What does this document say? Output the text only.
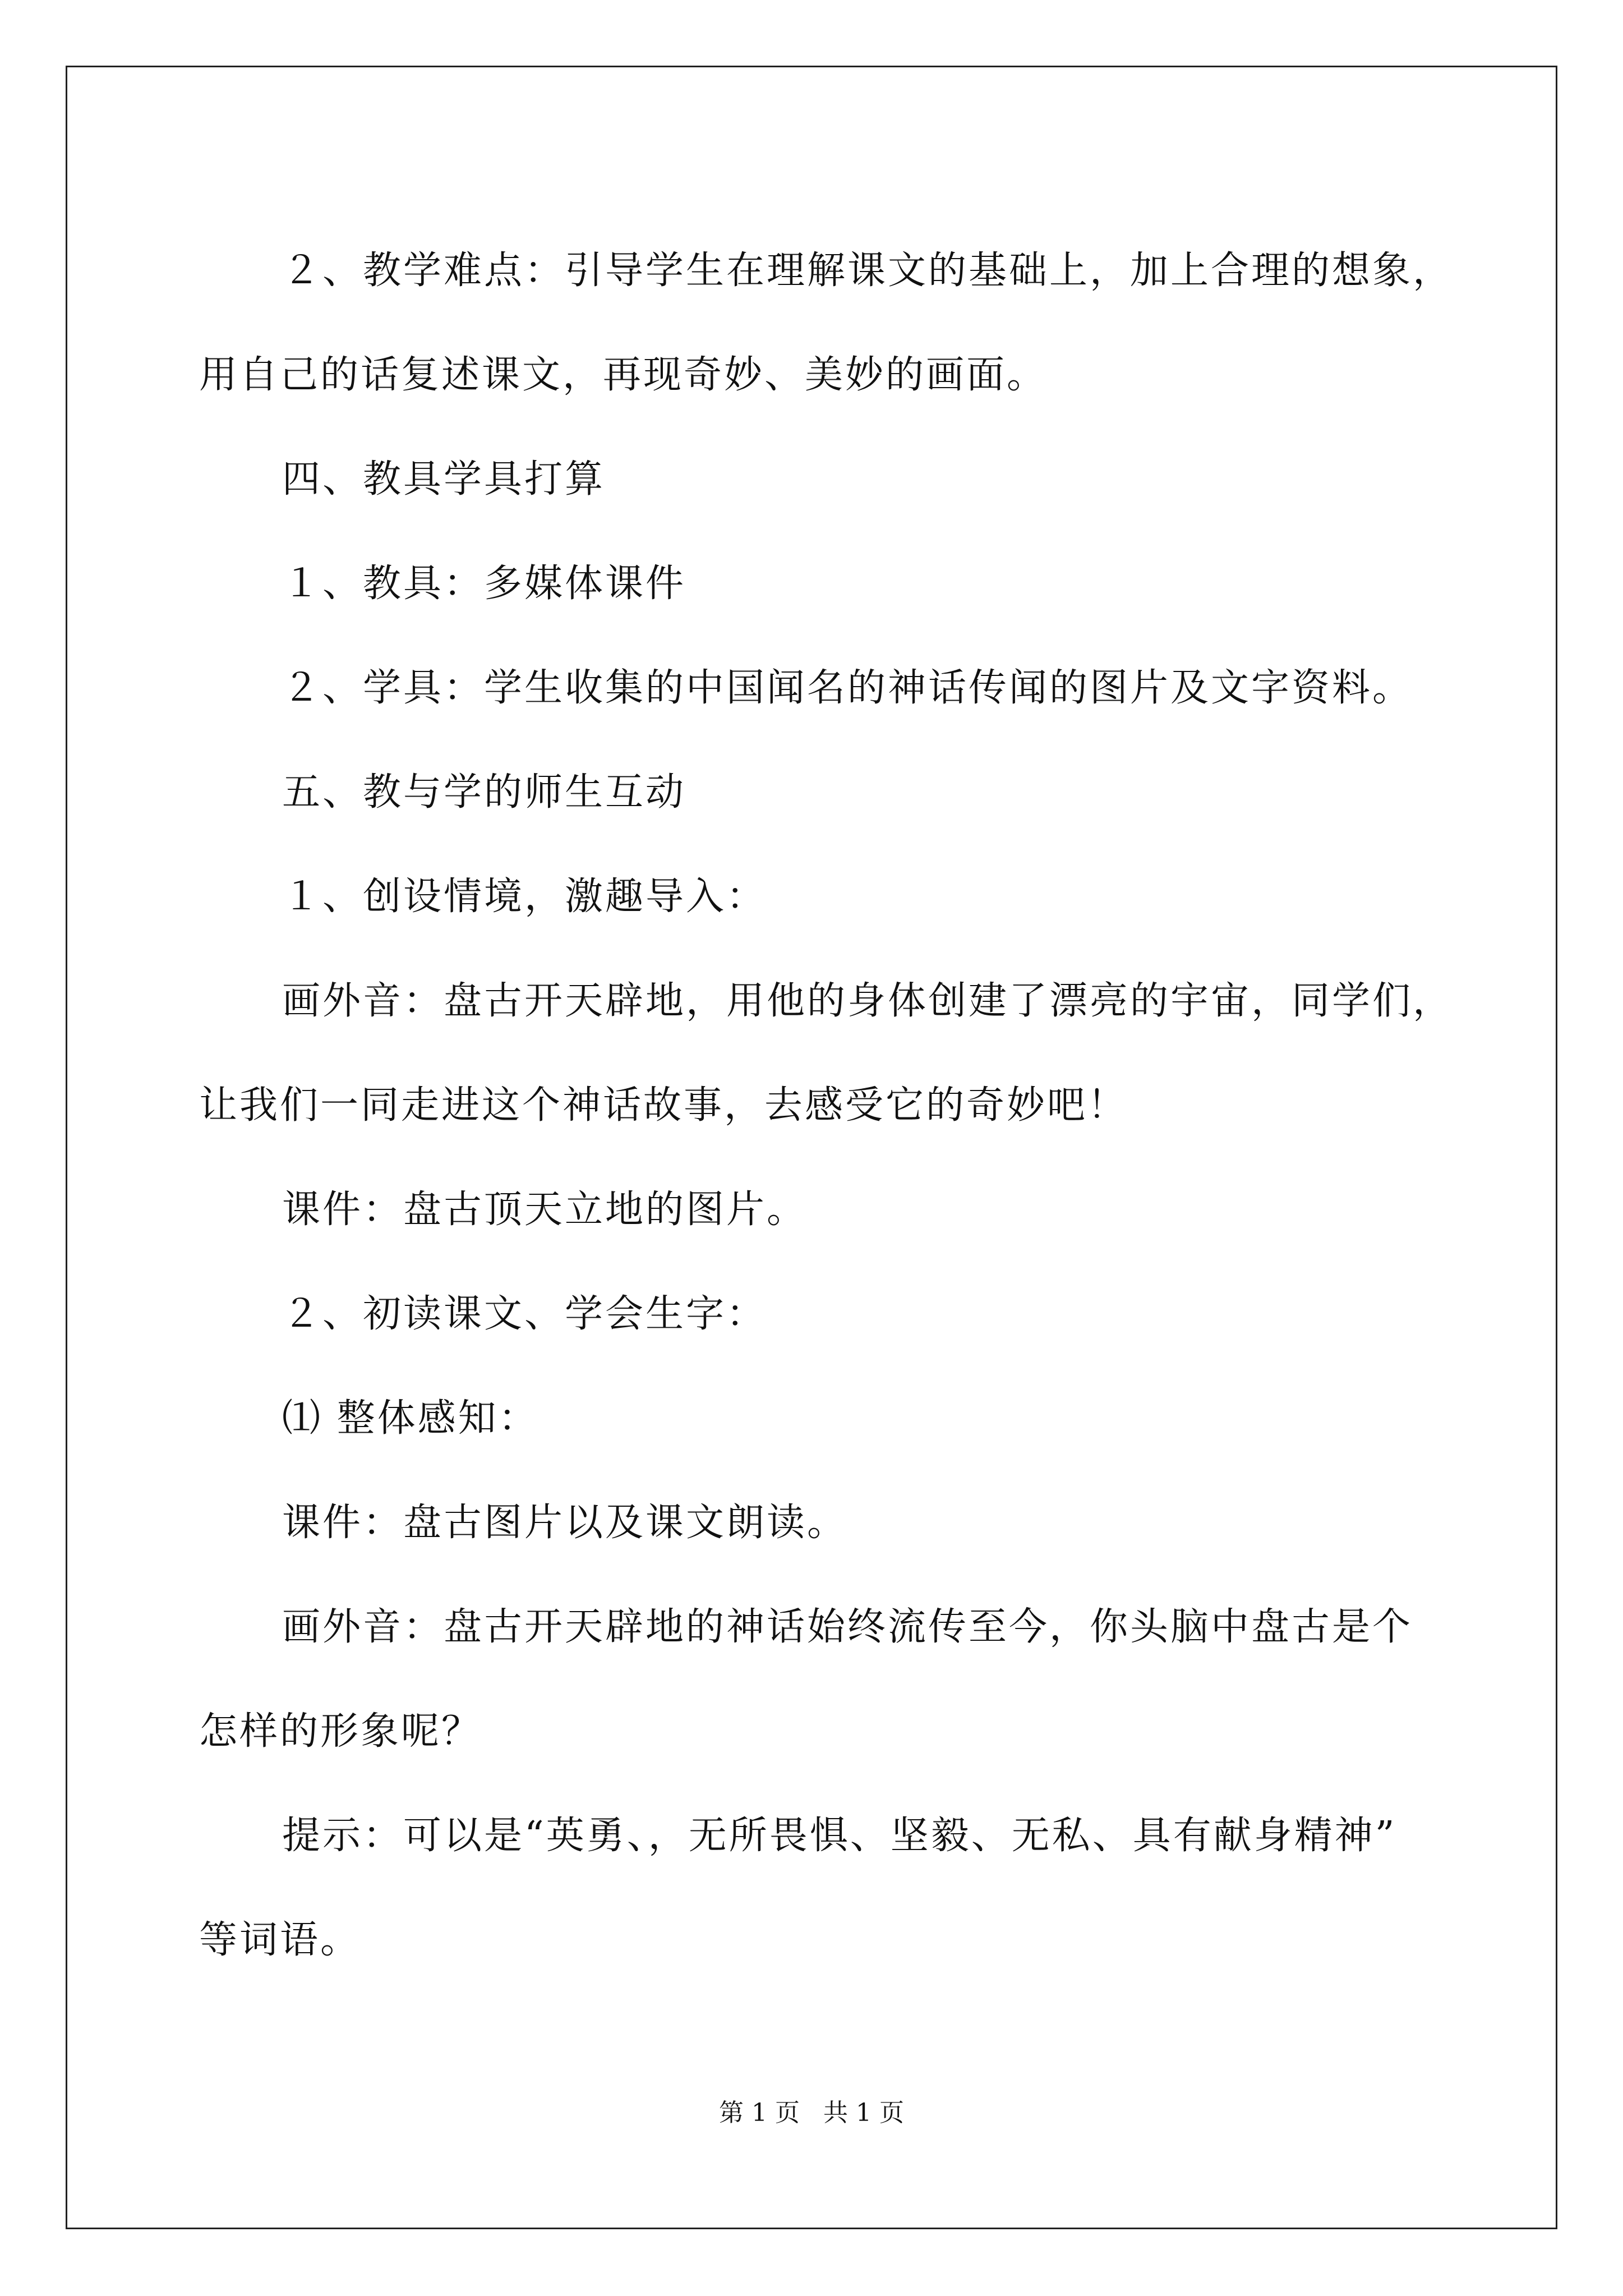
２、教学难点：引导学生在理解课文的基础上，加上合理的想象，

用自己的话复述课文，再现奇妙、美妙的画面。

四、教具学具打算

１、教具：多媒体课件

２、学具：学生收集的中国闻名的神话传闻的图片及文字资料。

五、教与学的师生互动

１、创设情境，激趣导入：

画外音：盘古开天辟地，用他的身体创建了漂亮的宇宙，同学们，

让我们一同走进这个神话故事，去感受它的奇妙吧！

课件：盘古顶天立地的图片。

２、初读课文、学会生字：

⑴ 整体感知：

课件：盘古图片以及课文朗读。

画外音：盘古开天辟地的神话始终流传至今，你头脑中盘古是个

怎样的形象呢？

提示：可以是“英勇、，无所畏惧、坚毅、无私、具有献身精神”

等词语。

第 1 页 共 1 页
